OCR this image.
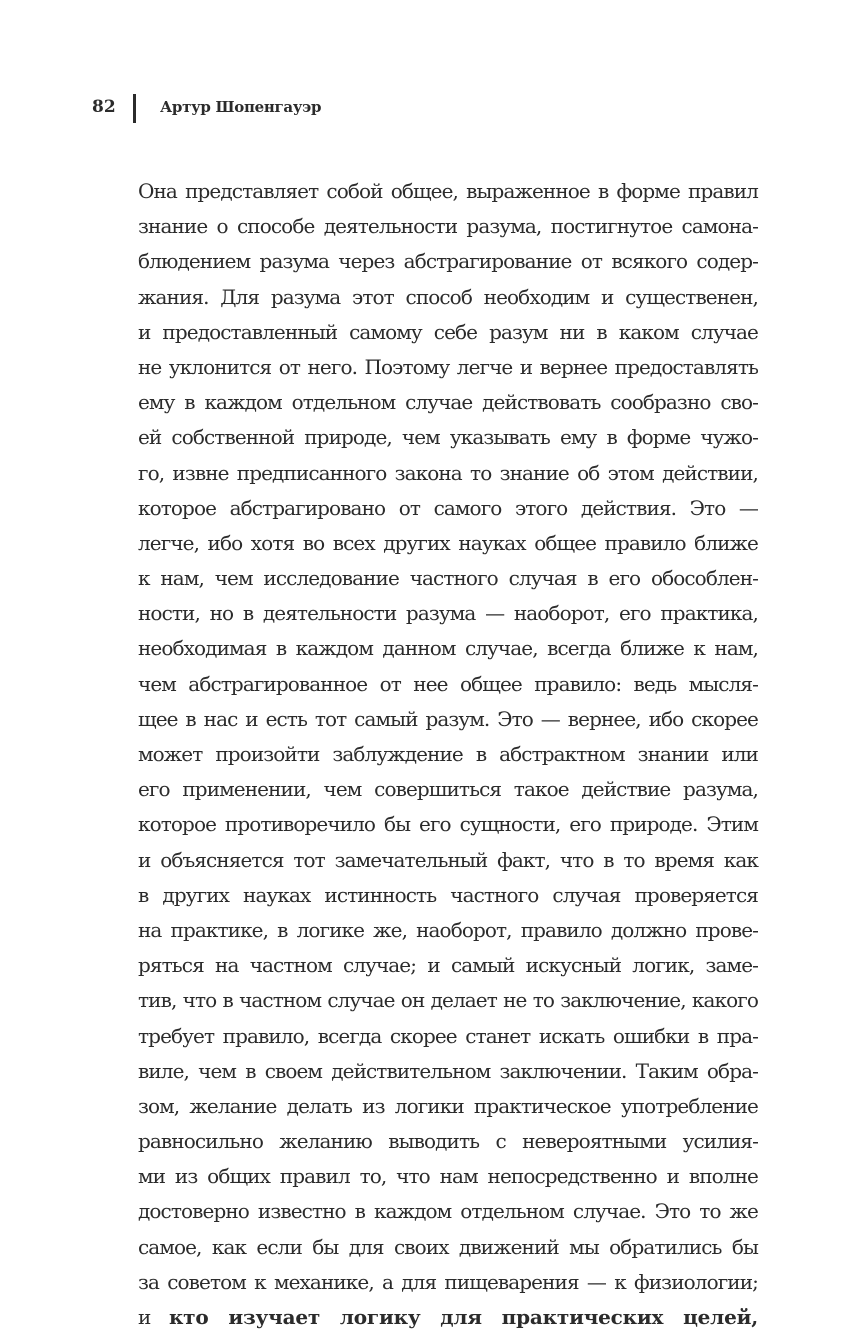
82	Артур Шопенгауэр
Она представляет собой общее, выраженное в форме правил
знание о способе деятельности разума, постигнутое самона-
блюдением разума через абстрагирование от всякого содер-
жания. Для разума этот способ необходим и существенен,
и предоставленный самому себе разум ни в каком случае
не уклонится от него. Поэтому легче и вернее предоставлять
ему в каждом отдельном случае действовать сообразно сво-
ей собственной природе, чем указывать ему в форме чужо-
го, извне предписанного закона то знание об этом действии,
которое абстрагировано от самого этого действия. Это —
легче, ибо хотя во всех других науках общее правило ближе
к нам, чем исследование частного случая в его обособлен-
ности, но в деятельности разума — наоборот, его практика,
необходимая в каждом данном случае, всегда ближе к нам,
чем абстрагированное от нее общее правило: ведь мысля-
щее в нас и есть тот самый разум. Это — вернее, ибо скорее
может произойти заблуждение в абстрактном знании или
его применении, чем совершиться такое действие разума,
которое противоречило бы его сущности, его природе. Этим
и объясняется тот замечательный факт, что в то время как
в других науках истинность частного случая проверяется
на практике, в логике же, наоборот, правило должно прове-
ряться на частном случае; и самый искусный логик, заме-
тив, что в частном случае он делает не то заключение, какого
требует правило, всегда скорее станет искать ошибки в пра-
виле, чем в своем действительном заключении. Таким обра-
зом, желание делать из логики практическое употребление
равносильно желанию выводить с невероятными усилия-
ми из общих правил то, что нам непосредственно и вполне
достоверно известно в каждом отдельном случае. Это то же
самое, как если бы для своих движений мы обратились бы
за советом к механике, а для пищеварения — к физиологии;
и кто изучает логику для практических целей,
